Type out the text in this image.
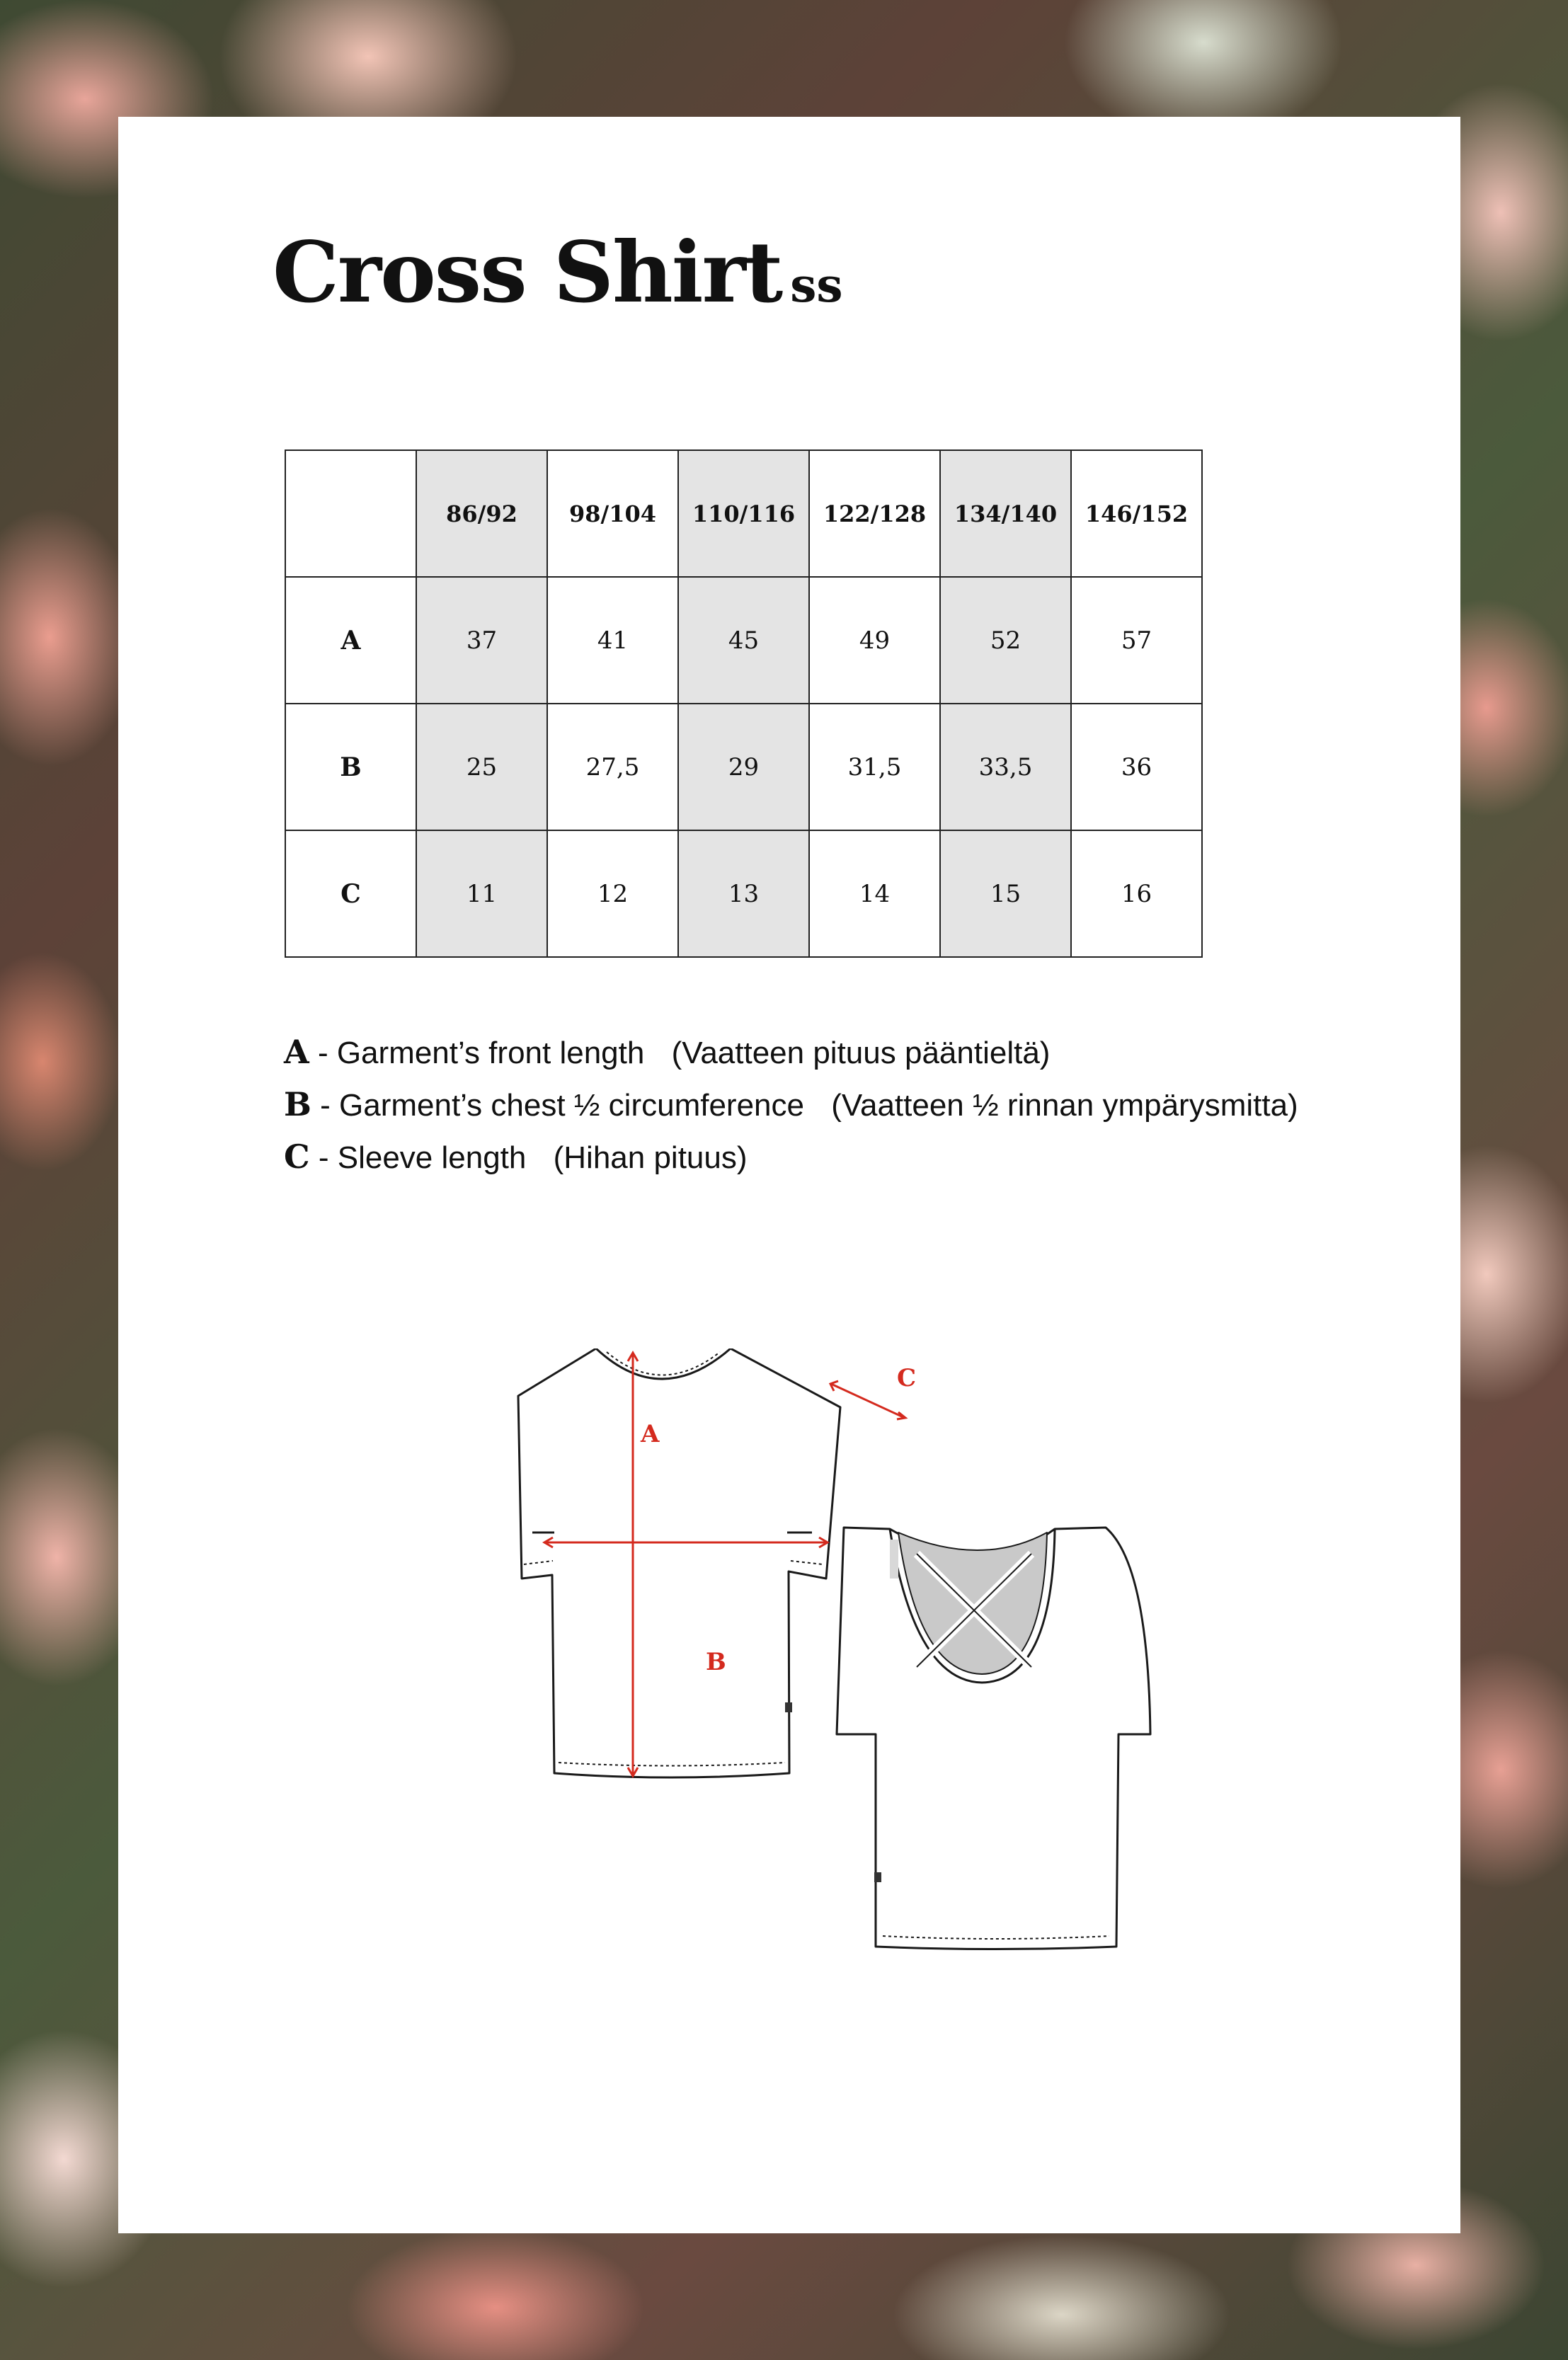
Cross Shirt ss
	86/92	98/104	110/116	122/128	134/140	146/152
A	37	41	45	49	52	57
B	25	27,5	29	31,5	33,5	36
C	11	12	13	14	15	16
A - Garment’s front length (Vaatteen pituus pääntieltä)
B - Garment’s chest ½ circumference (Vaatteen ½ rinnan ympärysmitta)
C - Sleeve length (Hihan pituus)
A
B
C
